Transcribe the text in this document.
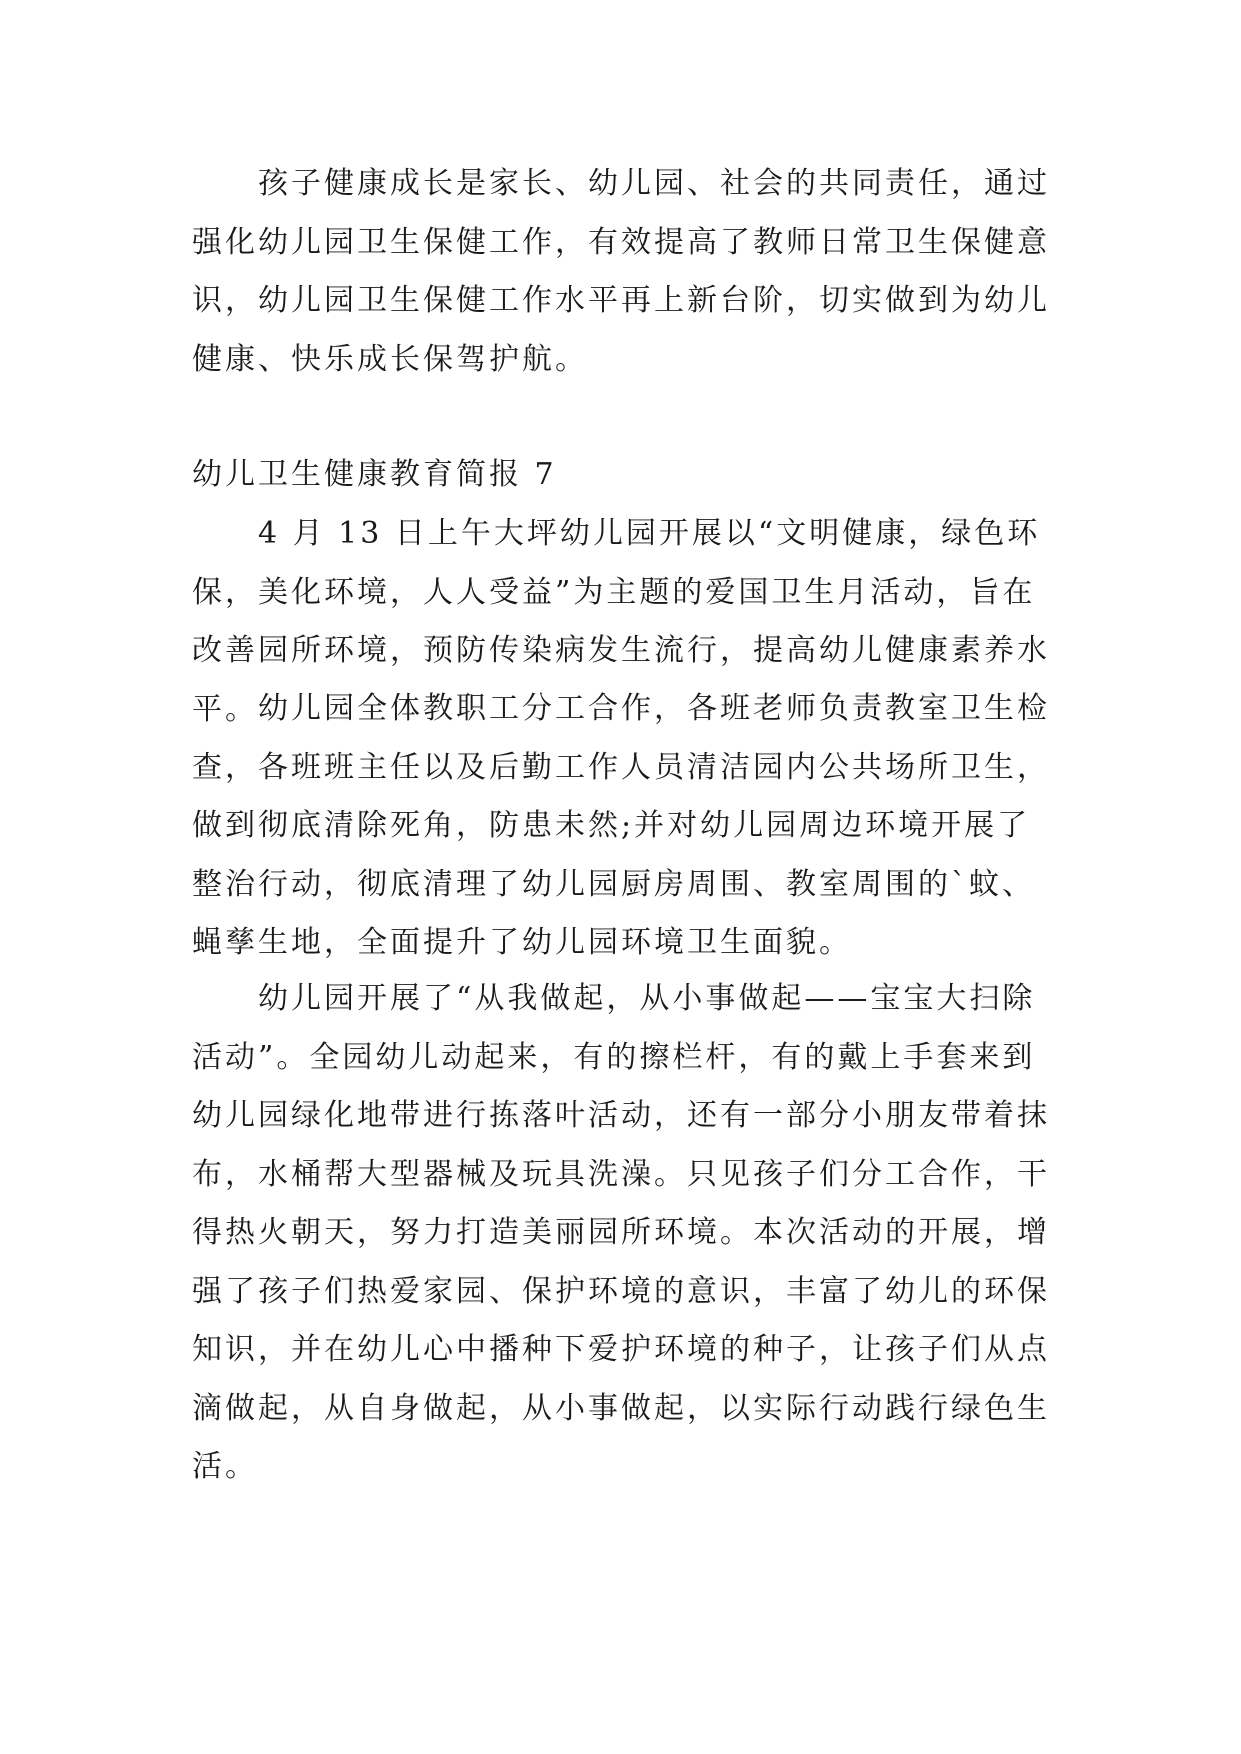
孩子健康成长是家长、幼儿园、社会的共同责任，通过强化幼儿园卫生保健工作，有效提高了教师日常卫生保健意识，幼儿园卫生保健工作水平再上新台阶，切实做到为幼儿健康、快乐成长保驾护航。

幼儿卫生健康教育简报 7

4 月 13 日上午大坪幼儿园开展以“文明健康，绿色环保，美化环境，人人受益”为主题的爱国卫生月活动，旨在改善园所环境，预防传染病发生流行，提高幼儿健康素养水平。 幼儿园全体教职工分工合作，各班老师负责教室卫生检查，各班班主任以及后勤工作人员清洁园内公共场所卫生，做到彻底清除死角，防患未然;并对幼儿园周边环境开展了整治行动，彻底清理了幼儿园厨房周围、教室周围的`蚊、蝇孳生地，全面提升了幼儿园环境卫生面貌。

幼儿园开展了“从我做起，从小事做起——宝宝大扫除活动”。全园幼儿动起来，有的擦栏杆，有的戴上手套来到幼儿园绿化地带进行拣落叶活动，还有一部分小朋友带着抹布，水桶帮大型器械及玩具洗澡。只见孩子们分工合作，干得热火朝天，努力打造美丽园所环境。本次活动的开展，增强了孩子们热爱家园、保护环境的意识，丰富了幼儿的环保知识，并在幼儿心中播种下爱护环境的种子，让孩子们从点滴做起，从自身做起，从小事做起，以实际行动践行绿色生活。
